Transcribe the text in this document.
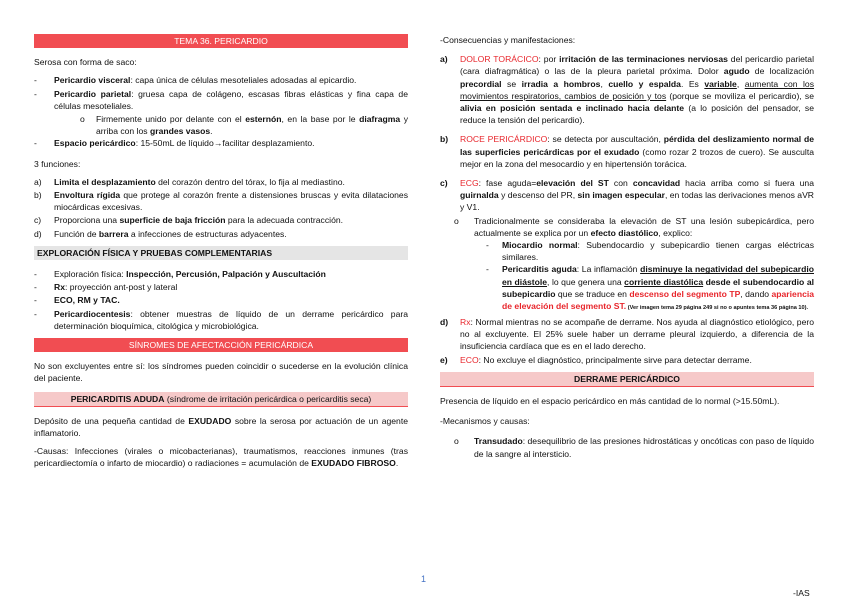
TEMA 36. PERICARDIO

Serosa con forma de saco:

- Pericardio visceral: capa única de células mesoteliales adosadas al epicardio.
- Pericardio parietal: gruesa capa de colágeno, escasas fibras elásticas y fina capa de células mesoteliales.
o Firmemente unido por delante con el esternón, en la base por le diafragma y arriba con los grandes vasos.
- Espacio pericárdico: 15-50mL de líquido→facilitar desplazamiento.

3 funciones:

a) Limita el desplazamiento del corazón dentro del tórax, lo fija al mediastino.
b) Envoltura rígida que protege al corazón frente a distensiones bruscas y evita dilataciones miocárdicas excesivas.
c) Proporciona una superficie de baja fricción para la adecuada contracción.
d) Función de barrera a infecciones de estructuras adyacentes.
EXPLORACIÓN FÍSICA Y PRUEBAS COMPLEMENTARIAS
- Exploración física: Inspección, Percusión, Palpación y Auscultación
- Rx: proyección ant-post y lateral
- ECO, RM y TAC.
- Pericardiocentesis: obtener muestras de líquido de un derrame pericárdico para determinación bioquímica, citológica y microbiológica.
SÍNROMES DE AFECTACCIÓN PERICÁRDICA

No son excluyentes entre sí: los síndromes pueden coincidir o sucederse en la evolución clínica del paciente.

PERICARDITIS ADUDA (síndrome de irritación pericárdica o pericarditis seca)

Depósito de una pequeña cantidad de EXUDADO sobre la serosa por actuación de un agente inflamatorio.

-Causas: Infecciones (virales o micobacterianas), traumatismos, reacciones inmunes (tras pericardiectomía o infarto de miocardio) o radiaciones = acumulación de EXUDADO FIBROSO.

-Consecuencias y manifestaciones:

a) DOLOR TORÁCICO: por irritación de las terminaciones nerviosas del pericardio parietal (cara diafragmática) o las de la pleura parietal próxima. Dolor agudo de localización precordial se irradia a hombros, cuello y espalda. Es variable, aumenta con los movimientos respiratorios, cambios de posición y tos (porque se moviliza el pericardio), se alivia en posición sentada e inclinado hacia delante (a lo posición del pensador, se reduce la tensión del pericardio).
b) ROCE PERICÁRDICO: se detecta por auscultación, pérdida del deslizamiento normal de las superficies pericárdicas por el exudado (como rozar 2 trozos de cuero). Se ausculta mejor en la zona del mesocardio y en hipertensión torácica.
c) ECG: fase aguda=elevación del ST con concavidad hacia arriba como si fuera una guirnalda y descenso del PR, sin imagen especular, en todas las derivaciones menos aVR y V1.
o Tradicionalmente se consideraba la elevación de ST una lesión subepicárdica, pero actualmente se explica por un efecto diastólico, explico:
- Miocardio normal: Subendocardio y subepicardio tienen cargas eléctricas similares.
- Pericarditis aguda: La inflamación disminuye la negatividad del subepicardio en diástole, lo que genera una corriente diastólica desde el subendocardio al subepicardio que se traduce en descenso del segmento TP, dando apariencia de elevación del segmento ST. (Ver imagen tema 29 página 249 si no o apuntes tema 36 página 10).
d) Rx: Normal mientras no se acompañe de derrame. Nos ayuda al diagnóstico etiológico, pero no al excluyente. El 25% suele haber un derrame pleural izquierdo, a diferencia de la insuficiencia cardíaca que es en el lado derecho.
e) ECO: No excluye el diagnóstico, principalmente sirve para detectar derrame.
DERRAME PERICÁRDICO

Presencia de líquido en el espacio pericárdico en más cantidad de lo normal (>15.50mL).

-Mecanismos y causas:

o Transudado: desequilibrio de las presiones hidrostáticas y oncóticas con paso de líquido de la sangre al intersticio.
1
-IAS
